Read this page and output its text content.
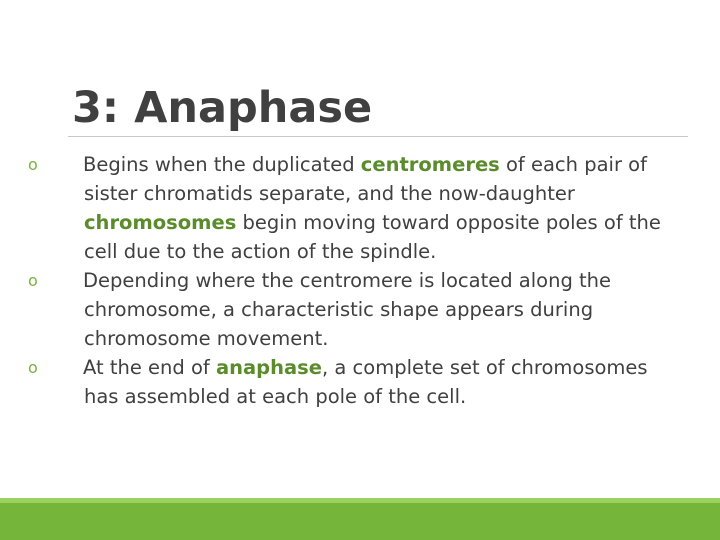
3: Anaphase
o Begins when the duplicated centromeres of each pair of sister chromatids separate, and the now-daughter chromosomes begin moving toward opposite poles of the cell due to the action of the spindle.
o Depending where the centromere is located along the chromosome, a characteristic shape appears during chromosome movement.
o At the end of anaphase, a complete set of chromosomes has assembled at each pole of the cell.
